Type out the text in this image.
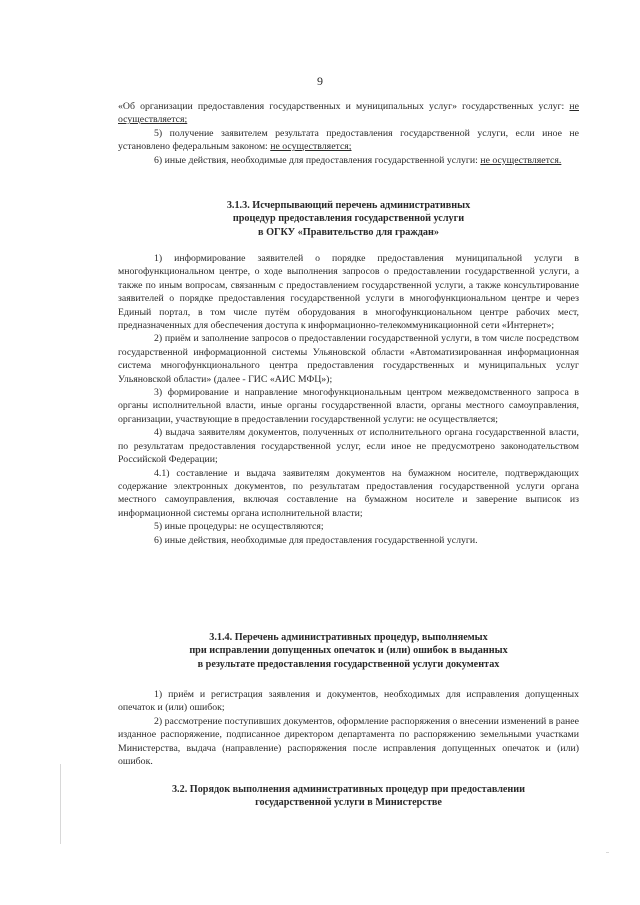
9

«Об организации предоставления государственных и муниципальных услуг» государственных услуг: не осуществляется;

5) получение заявителем результата предоставления государственной услуги, если иное не установлено федеральным законом: не осуществляется;

6) иные действия, необходимые для предоставления государственной услуги: не осуществляется.

3.1.3. Исчерпывающий перечень административных
процедур предоставления государственной услуги
в ОГКУ «Правительство для граждан»

1) информирование заявителей о порядке предоставления муниципальной услуги в многофункциональном центре, о ходе выполнения запросов о предоставлении государственной услуги, а также по иным вопросам, связанным с предоставлением государственной услуги, а также консультирование заявителей о порядке предоставления государственной услуги в многофункциональном центре и через Единый портал, в том числе путём оборудования в многофункциональном центре рабочих мест, предназначенных для обеспечения доступа к информационно-телекоммуникационной сети «Интернет»;

2) приём и заполнение запросов о предоставлении государственной услуги, в том числе посредством государственной информационной системы Ульяновской области «Автоматизированная информационная система многофункционального центра предоставления государственных и муниципальных услуг Ульяновской области» (далее - ГИС «АИС МФЦ»);

3) формирование и направление многофункциональным центром межведомственного запроса в органы исполнительной власти, иные органы государственной власти, органы местного самоуправления, организации, участвующие в предоставлении государственной услуги: не осуществляется;

4) выдача заявителям документов, полученных от исполнительного органа государственной власти, по результатам предоставления государственной услуг, если иное не предусмотрено законодательством Российской Федерации;

4.1) составление и выдача заявителям документов на бумажном носителе, подтверждающих содержание электронных документов, по результатам предоставления государственной услуги органа местного самоуправления, включая составление на бумажном носителе и заверение выписок из информационной системы органа исполнительной власти;

5) иные процедуры: не осуществляются;

6) иные действия, необходимые для предоставления государственной услуги.

3.1.4. Перечень административных процедур, выполняемых
при исправлении допущенных опечаток и (или) ошибок в выданных
в результате предоставления государственной услуги документах

1) приём и регистрация заявления и документов, необходимых для исправления допущенных опечаток и (или) ошибок;

2) рассмотрение поступивших документов, оформление распоряжения о внесении изменений в ранее изданное распоряжение, подписанное директором департамента по распоряжению земельными участками Министерства, выдача (направление) распоряжения после исправления допущенных опечаток и (или) ошибок.

3.2. Порядок выполнения административных процедур при предоставлении
государственной услуги в Министерстве
